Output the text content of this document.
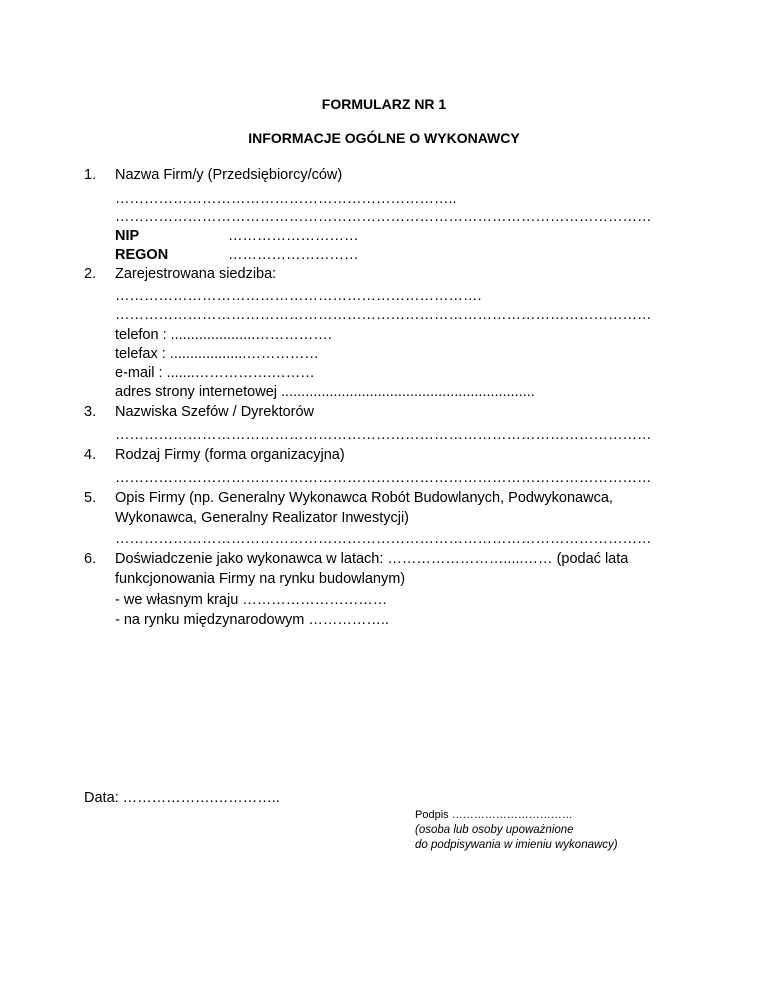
FORMULARZ NR 1
INFORMACJE OGÓLNE O WYKONAWCY
1. Nazwa Firm/y (Przedsiębiorcy/ców)
……………………………………………………………..
…………………………………………………………………………………………………
NIP	………………………
REGON	………………………
2. Zarejestrowana siedziba:
………………………………………………………………….
…………………………………………………………………………………………………
telefon : .....................…………….
telefax : ...................……………
e-mail : .......…………….………
adres strony internetowej ...............................................................
3. Nazwiska Szefów / Dyrektorów
…………………………………………………………………………………………………
4. Rodzaj Firmy (forma organizacyjna)
…………………………………………………………………………………………………
5. Opis Firmy (np. Generalny Wykonawca Robót Budowlanych, Podwykonawca,
Wykonawca, Generalny Realizator Inwestycji)
…………………………………………………………………………………………………
6. Doświadczenie jako wykonawca w latach: …………………….....…… (podać lata
funkcjonowania Firmy na rynku budowlanym)
- we własnym kraju …………………………
- na rynku międzynarodowym ……………..
Data: ……………….…………..
Podpis ……………………………
(osoba lub osoby upoważnione
do podpisywania w imieniu wykonawcy)
